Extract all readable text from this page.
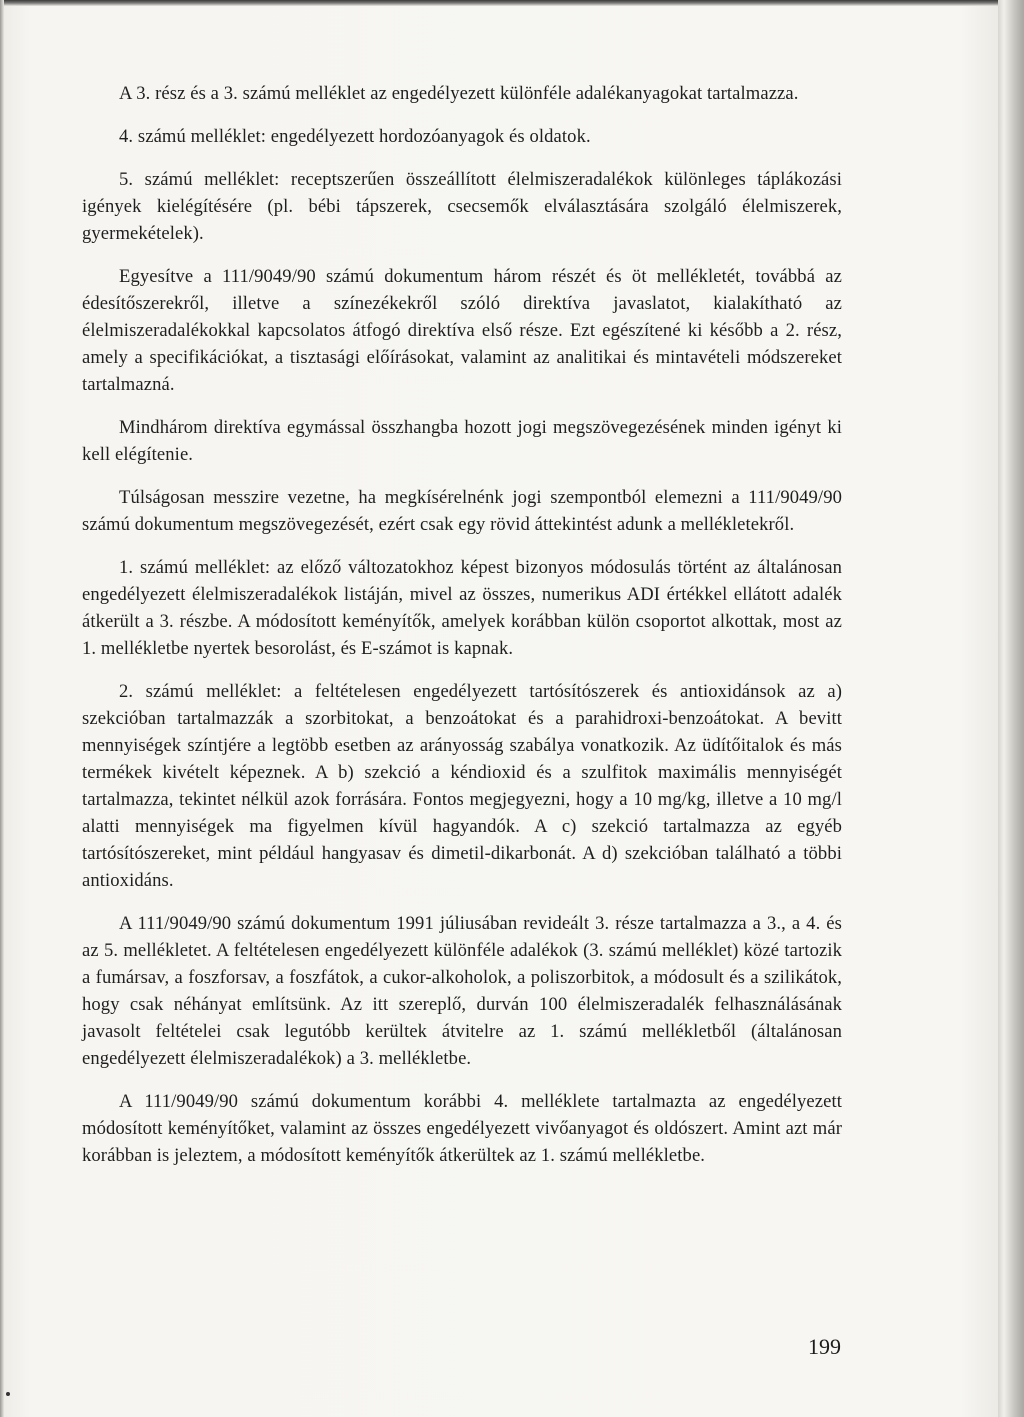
A 3. rész és a 3. számú melléklet az engedélyezett különféle adalékanyagokat tartalmazza.

4. számú melléklet: engedélyezett hordozóanyagok és oldatok.

5. számú melléklet: receptszerűen összeállított élelmiszeradalékok különleges táplákozási igények kielégítésére (pl. bébi tápszerek, csecsemők elválasztására szolgáló élelmiszerek, gyermekételek).

Egyesítve a 111/9049/90 számú dokumentum három részét és öt mellékletét, továbbá az édesítőszerekről, illetve a színezékekről szóló direktíva javaslatot, kialakítható az élelmiszeradalékokkal kapcsolatos átfogó direktíva első része. Ezt egészítené ki később a 2. rész, amely a specifikációkat, a tisztasági előírásokat, valamint az analitikai és mintavételi módszereket tartalmazná.

Mindhárom direktíva egymással összhangba hozott jogi megszövegezésének minden igényt ki kell elégítenie.

Túlságosan messzire vezetne, ha megkísérelnénk jogi szempontból elemezni a 111/9049/90 számú dokumentum megszövegezését, ezért csak egy rövid áttekintést adunk a mellékletekről.

1. számú melléklet: az előző változatokhoz képest bizonyos módosulás történt az általánosan engedélyezett élelmiszeradalékok listáján, mivel az összes, numerikus ADI értékkel ellátott adalék átkerült a 3. részbe. A módosított keményítők, amelyek korábban külön csoportot alkottak, most az 1. mellékletbe nyertek besorolást, és E-számot is kapnak.

2. számú melléklet: a feltételesen engedélyezett tartósítószerek és antioxidánsok az a) szekcióban tartalmazzák a szorbitokat, a benzoátokat és a parahidroxi-benzoátokat. A bevitt mennyiségek színtjére a legtöbb esetben az arányosság szabálya vonatkozik. Az üdítőitalok és más termékek kivételt képeznek. A b) szekció a kéndioxid és a szulfitok maximális mennyiségét tartalmazza, tekintet nélkül azok forrására. Fontos megjegyezni, hogy a 10 mg/kg, illetve a 10 mg/l alatti mennyiségek ma figyelmen kívül hagyandók. A c) szekció tartalmazza az egyéb tartósítószereket, mint például hangyasav és dimetil-dikarbonát. A d) szekcióban található a többi antioxidáns.

A 111/9049/90 számú dokumentum 1991 júliusában revideált 3. része tartalmazza a 3., a 4. és az 5. mellékletet. A feltételesen engedélyezett különféle adalékok (3. számú melléklet) közé tartozik a fumársav, a foszforsav, a foszfátok, a cukor-alkoholok, a poliszorbitok, a módosult és a szilikátok, hogy csak néhányat említsünk. Az itt szereplő, durván 100 élelmiszeradalék felhasználásának javasolt feltételei csak legutóbb kerültek átvitelre az 1. számú mellékletből (általánosan engedélyezett élelmiszeradalékok) a 3. mellékletbe.

A 111/9049/90 számú dokumentum korábbi 4. melléklete tartalmazta az engedélyezett módosított keményítőket, valamint az összes engedélyezett vivőanyagot és oldószert. Amint azt már korábban is jeleztem, a módosított keményítők átkerültek az 1. számú mellékletbe.

199
